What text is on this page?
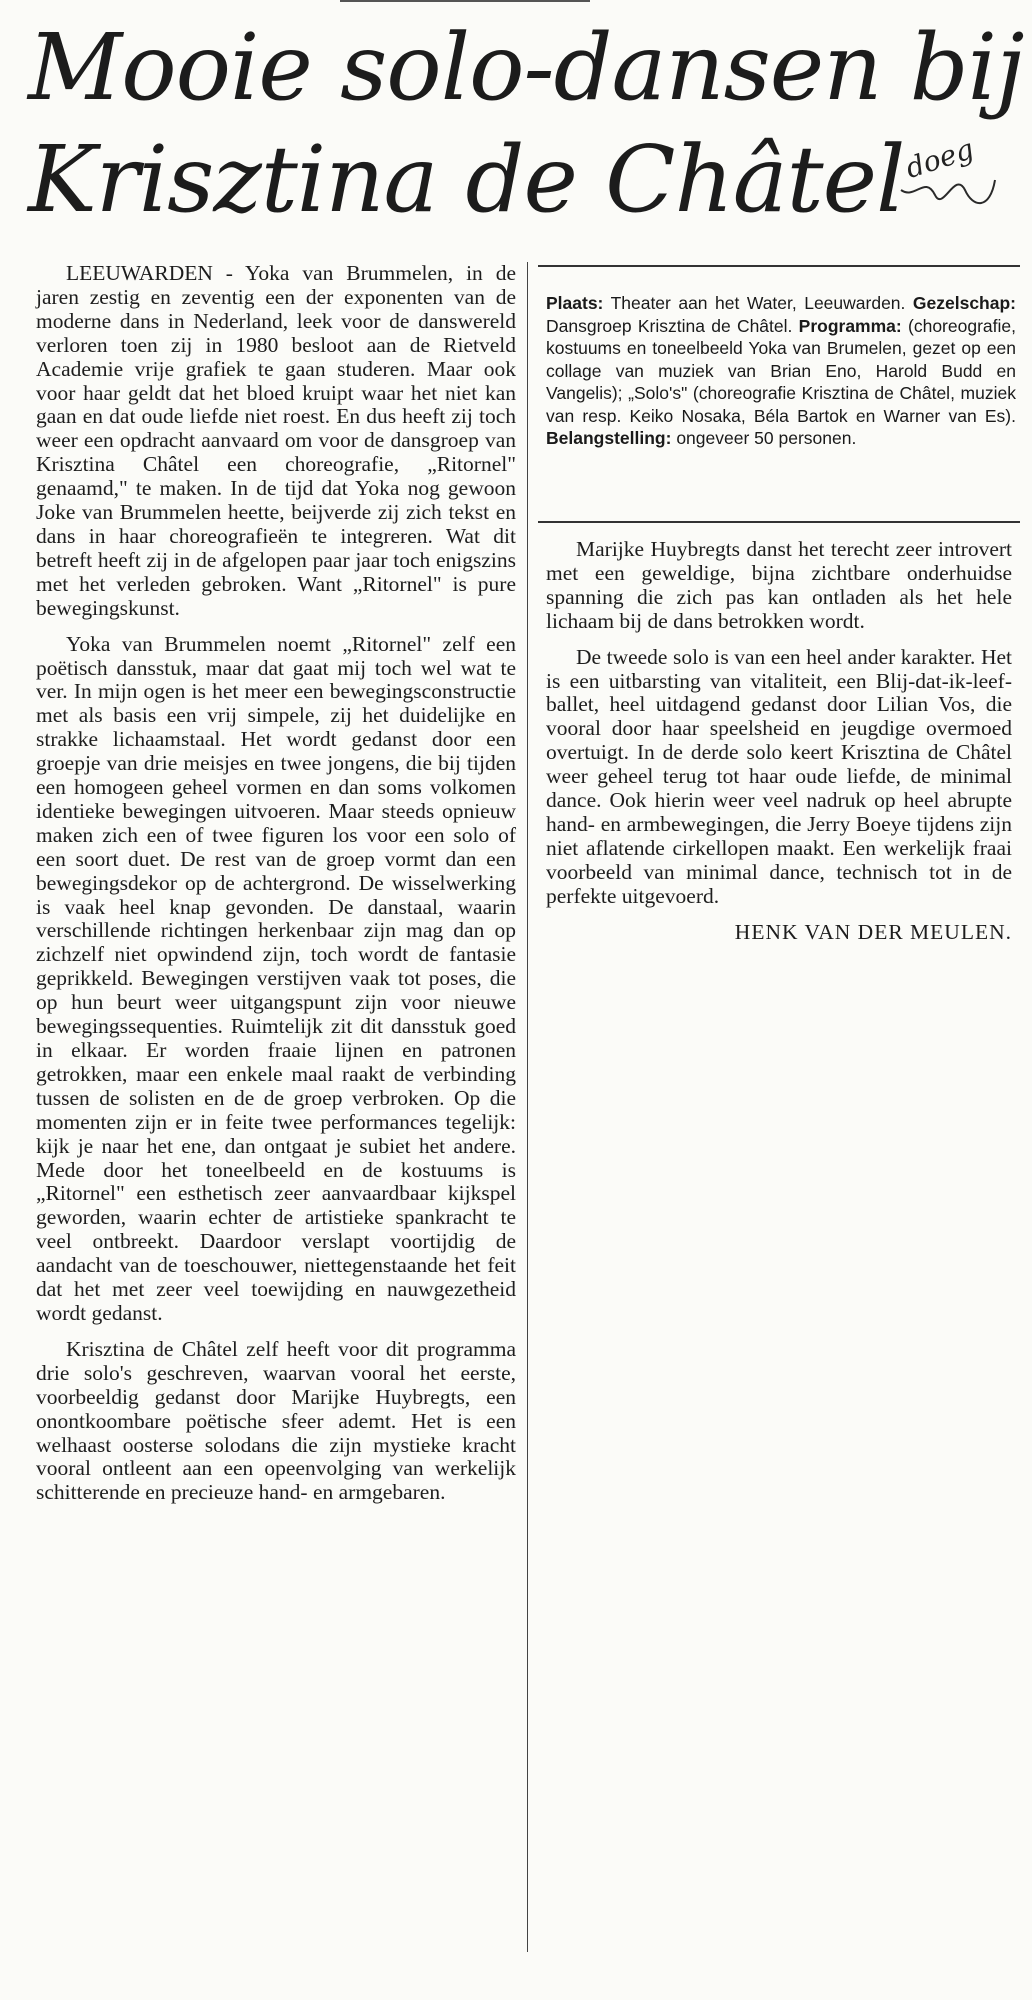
Mooie solo-dansen bij
Krisztina de Châtel
doeg

LEEUWARDEN - Yoka van Brummelen, in de jaren zestig en zeventig een der exponenten van de moderne dans in Nederland, leek voor de danswereld verloren toen zij in 1980 besloot aan de Rietveld Academie vrije grafiek te gaan studeren. Maar ook voor haar geldt dat het bloed kruipt waar het niet kan gaan en dat oude liefde niet roest. En dus heeft zij toch weer een opdracht aanvaard om voor de dansgroep van Krisztina Châtel een choreografie, „Ritornel" genaamd," te maken. In de tijd dat Yoka nog gewoon Joke van Brummelen heette, beijverde zij zich tekst en dans in haar choreografieën te integreren. Wat dit betreft heeft zij in de afgelopen paar jaar toch enigszins met het verleden gebroken. Want „Ritornel" is pure bewegingskunst.

Yoka van Brummelen noemt „Ritornel" zelf een poëtisch dansstuk, maar dat gaat mij toch wel wat te ver. In mijn ogen is het meer een bewegingsconstructie met als basis een vrij simpele, zij het duidelijke en strakke lichaamstaal. Het wordt gedanst door een groepje van drie meisjes en twee jongens, die bij tijden een homogeen geheel vormen en dan soms volkomen identieke bewegingen uitvoeren. Maar steeds opnieuw maken zich een of twee figuren los voor een solo of een soort duet. De rest van de groep vormt dan een bewegingsdekor op de achtergrond. De wisselwerking is vaak heel knap gevonden. De danstaal, waarin verschillende richtingen herkenbaar zijn mag dan op zichzelf niet opwindend zijn, toch wordt de fantasie geprikkeld. Bewegingen verstijven vaak tot poses, die op hun beurt weer uitgangspunt zijn voor nieuwe bewegingssequenties. Ruimtelijk zit dit dansstuk goed in elkaar. Er worden fraaie lijnen en patronen getrokken, maar een enkele maal raakt de verbinding tussen de solisten en de de groep verbroken. Op die momenten zijn er in feite twee performances tegelijk: kijk je naar het ene, dan ontgaat je subiet het andere. Mede door het toneelbeeld en de kostuums is „Ritornel" een esthetisch zeer aanvaardbaar kijkspel geworden, waarin echter de artistieke spankracht te veel ontbreekt. Daardoor verslapt voortijdig de aandacht van de toeschouwer, niettegenstaande het feit dat het met zeer veel toewijding en nauwgezetheid wordt gedanst.

Krisztina de Châtel zelf heeft voor dit programma drie solo's geschreven, waarvan vooral het eerste, voorbeeldig gedanst door Marijke Huybregts, een onontkoombare poëtische sfeer ademt. Het is een welhaast oosterse solodans die zijn mystieke kracht vooral ontleent aan een opeenvolging van werkelijk schitterende en precieuze hand- en armgebaren.

Plaats: Theater aan het Water, Leeuwarden. Gezelschap: Dansgroep Krisztina de Châtel. Programma: (choreografie, kostuums en toneelbeeld Yoka van Brumelen, gezet op een collage van muziek van Brian Eno, Harold Budd en Vangelis); „Solo's" (choreografie Krisztina de Châtel, muziek van resp. Keiko Nosaka, Béla Bartok en Warner van Es). Belangstelling: ongeveer 50 personen.

Marijke Huybregts danst het terecht zeer introvert met een geweldige, bijna zichtbare onderhuidse spanning die zich pas kan ontladen als het hele lichaam bij de dans betrokken wordt.

De tweede solo is van een heel ander karakter. Het is een uitbarsting van vitaliteit, een Blij-dat-ik-leef-ballet, heel uitdagend gedanst door Lilian Vos, die vooral door haar speelsheid en jeugdige overmoed overtuigt. In de derde solo keert Krisztina de Châtel weer geheel terug tot haar oude liefde, de minimal dance. Ook hierin weer veel nadruk op heel abrupte hand- en armbewegingen, die Jerry Boeye tijdens zijn niet aflatende cirkellopen maakt. Een werkelijk fraai voorbeeld van minimal dance, technisch tot in de perfekte uitgevoerd.

HENK VAN DER MEULEN.
